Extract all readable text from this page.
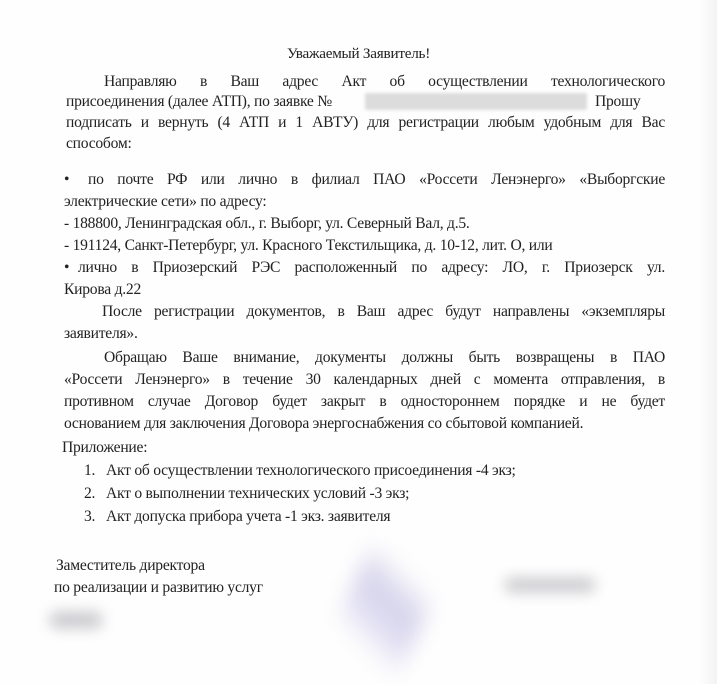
Уважаемый Заявитель!
Направляю в Ваш адрес Акт об осуществлении технологического
присоединения (далее АТП), по заявке №	Прошу
подписать и вернуть (4 АТП и 1 АВТУ) для регистрации любым удобным для Вас
способом:
• по почте РФ или лично в филиал ПАО «Россети Ленэнерго» «Выборгские
электрические сети» по адресу:
- 188800, Ленинградская обл., г. Выборг, ул. Северный Вал, д.5.
- 191124, Санкт-Петербург, ул. Красного Текстильщика, д. 10-12, лит. О, или
• лично в Приозерский РЭС расположенный по адресу: ЛО, г. Приозерск ул.
Кирова д.22
После регистрации документов, в Ваш адрес будут направлены «экземпляры
заявителя».
Обращаю Ваше внимание, документы должны быть возвращены в ПАО
«Россети Ленэнерго» в течение 30 календарных дней с момента отправления, в
противном случае Договор будет закрыт в одностороннем порядке и не будет
основанием для заключения Договора энергоснабжения со сбытовой компанией.
Приложение:
1. Акт об осуществлении технологического присоединения -4 экз;
2. Акт о выполнении технических условий -3 экз;
3. Акт допуска прибора учета -1 экз. заявителя
Заместитель директора
по реализации и развитию услуг
